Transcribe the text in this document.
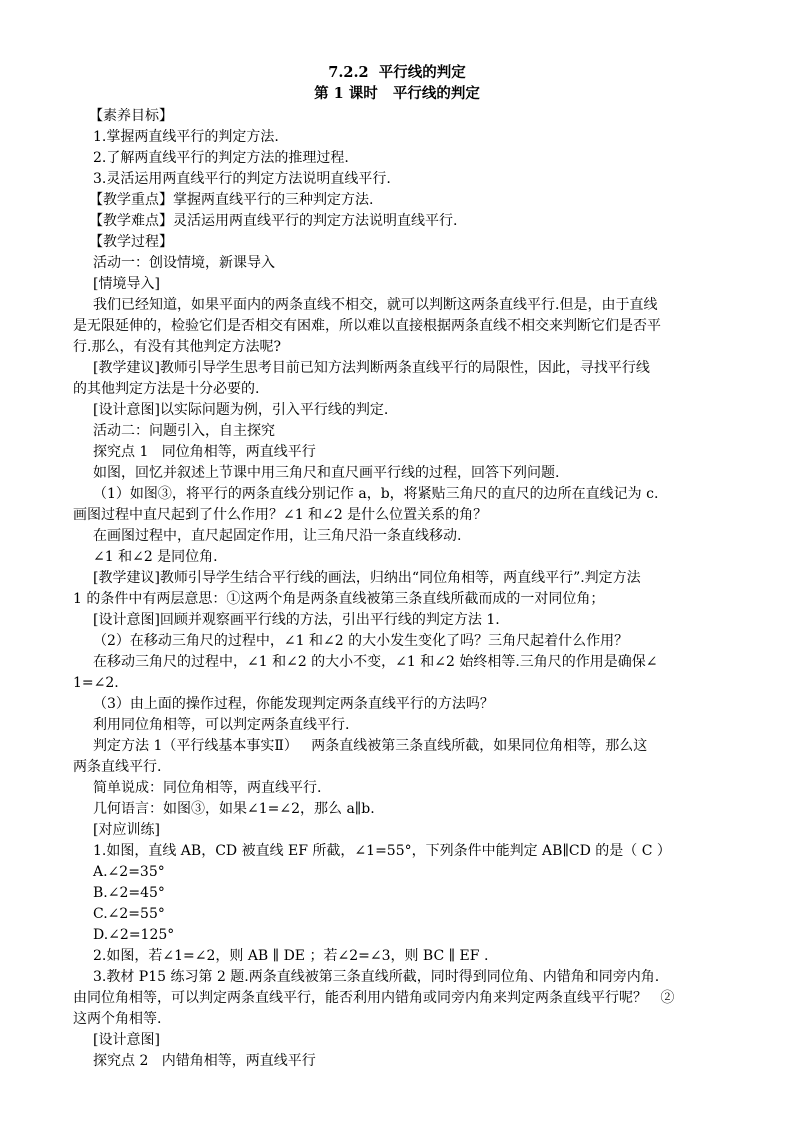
7.2.2  平行线的判定
第 1 课时   平行线的判定
【素养目标】
1.掌握两直线平行的判定方法.
2.了解两直线平行的判定方法的推理过程.
3.灵活运用两直线平行的判定方法说明直线平行.
【教学重点】掌握两直线平行的三种判定方法.
【教学难点】灵活运用两直线平行的判定方法说明直线平行.
【教学过程】
活动一：创设情境，新课导入
[情境导入]
我们已经知道，如果平面内的两条直线不相交，就可以判断这两条直线平行.但是，由于直线
是无限延伸的，检验它们是否相交有困难，所以难以直接根据两条直线不相交来判断它们是否平
行.那么，有没有其他判定方法呢?
[教学建议]教师引导学生思考目前已知方法判断两条直线平行的局限性，因此，寻找平行线
的其他判定方法是十分必要的.
[设计意图]以实际问题为例，引入平行线的判定.
活动二：问题引入，自主探究
探究点 1   同位角相等，两直线平行
如图，回忆并叙述上节课中用三角尺和直尺画平行线的过程，回答下列问题.
（1）如图③，将平行的两条直线分别记作 a，b，将紧贴三角尺的直尺的边所在直线记为 c.
画图过程中直尺起到了什么作用？∠1 和∠2 是什么位置关系的角？
在画图过程中，直尺起固定作用，让三角尺沿一条直线移动.
∠1 和∠2 是同位角.
[教学建议]教师引导学生结合平行线的画法，归纳出“同位角相等，两直线平行”.判定方法
1 的条件中有两层意思：①这两个角是两条直线被第三条直线所截而成的一对同位角；
[设计意图]回顾并观察画平行线的方法，引出平行线的判定方法 1.
（2）在移动三角尺的过程中，∠1 和∠2 的大小发生变化了吗？三角尺起着什么作用？
在移动三角尺的过程中，∠1 和∠2 的大小不变，∠1 和∠2 始终相等.三角尺的作用是确保∠
1=∠2.
（3）由上面的操作过程，你能发现判定两条直线平行的方法吗？
利用同位角相等，可以判定两条直线平行.
判定方法 1（平行线基本事实Ⅱ）   两条直线被第三条直线所截，如果同位角相等，那么这
两条直线平行.
简单说成：同位角相等，两直线平行.
几何语言：如图③，如果∠1=∠2，那么 a∥b.
[对应训练]
1.如图，直线 AB，CD 被直线 EF 所截，∠1=55°，下列条件中能判定 AB∥CD 的是（ C ）
A.∠2=35°
B.∠2=45°
C.∠2=55°
D.∠2=125°
2.如图，若∠1=∠2，则 AB ∥ DE ；若∠2=∠3，则 BC ∥ EF .
3.教材 P15 练习第 2 题.两条直线被第三条直线所截，同时得到同位角、内错角和同旁内角.
由同位角相等，可以判定两条直线平行，能否利用内错角或同旁内角来判定两条直线平行呢？   ②
这两个角相等.
[设计意图]
探究点 2   内错角相等，两直线平行
